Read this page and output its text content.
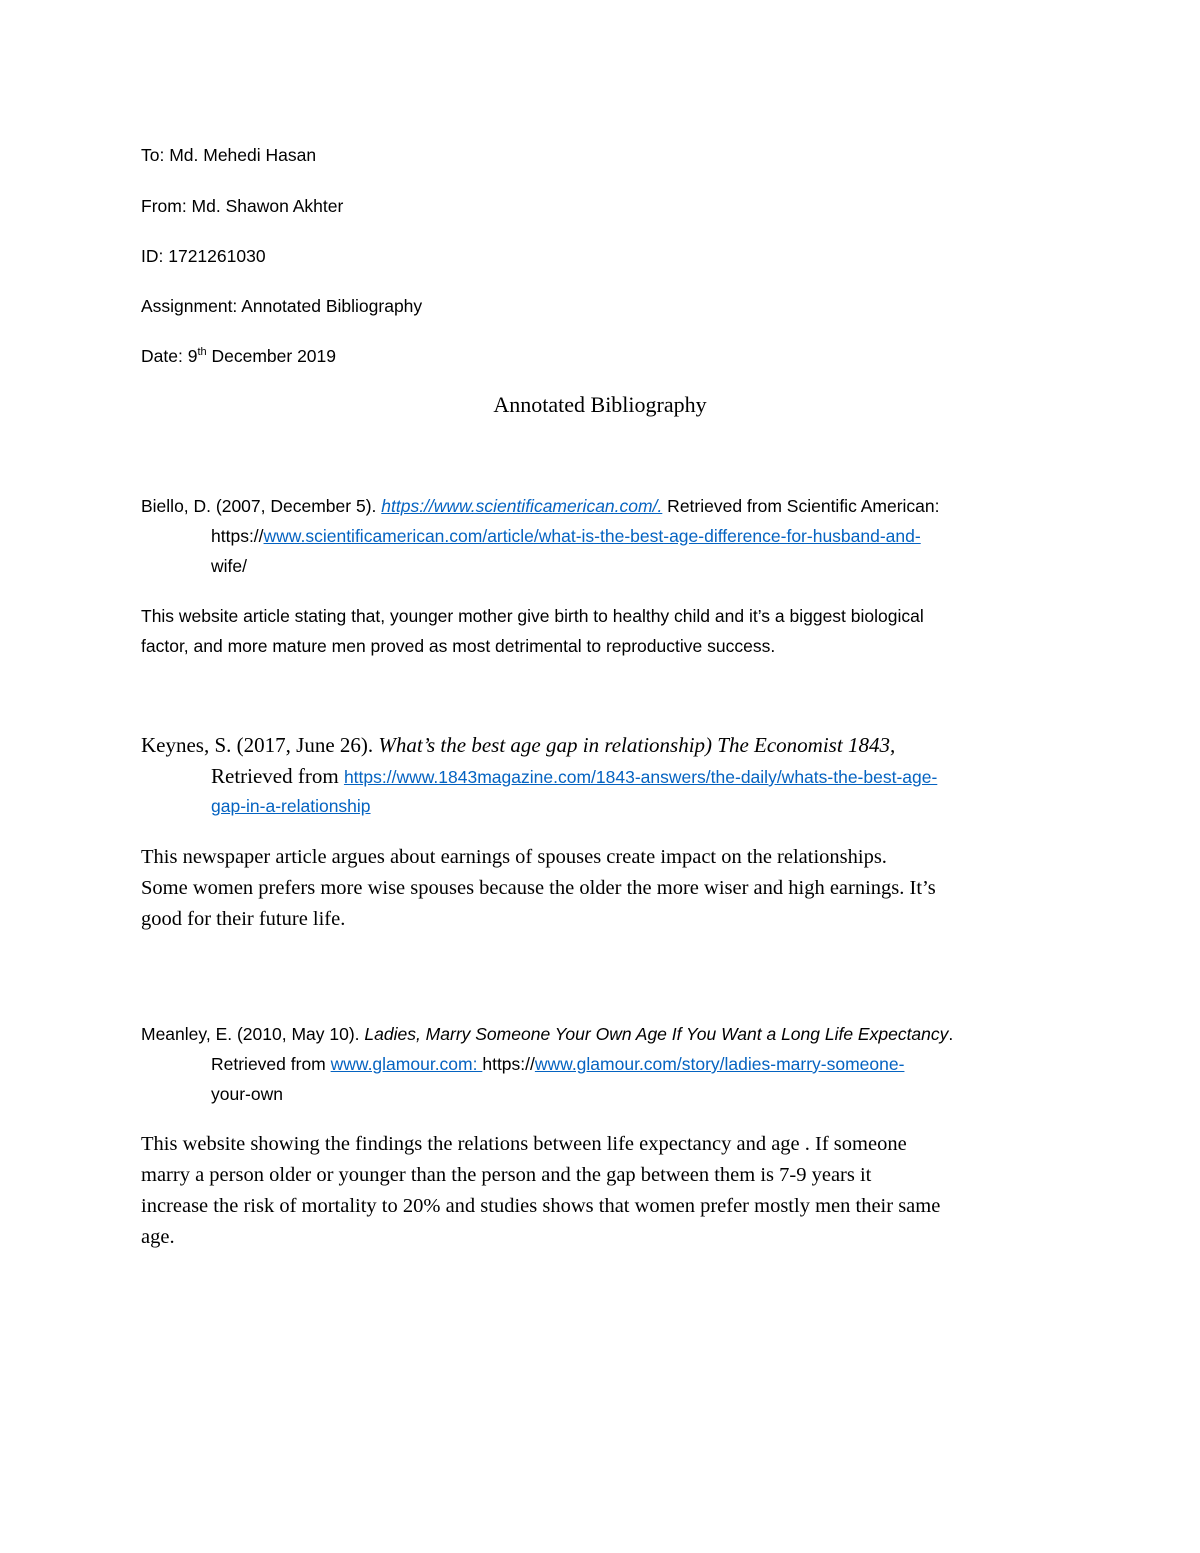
To: Md. Mehedi Hasan
From: Md. Shawon Akhter
ID: 1721261030
Assignment: Annotated Bibliography
Date: 9th December 2019
Annotated Bibliography
Biello, D. (2007, December 5). https://www.scientificamerican.com/. Retrieved from Scientific American:
https://www.scientificamerican.com/article/what-is-the-best-age-difference-for-husband-and-
wife/
This website article stating that, younger mother give birth to healthy child and it’s a biggest biological
factor, and more mature men proved as most detrimental to reproductive success.
Keynes, S. (2017, June 26). What’s the best age gap in relationship) The Economist 1843,
Retrieved from https://www.1843magazine.com/1843-answers/the-daily/whats-the-best-age-
gap-in-a-relationship
This newspaper article argues about earnings of spouses create impact on the relationships.
Some women prefers more wise spouses because the older the more wiser and high earnings. It’s
good for their future life.
Meanley, E. (2010, May 10). Ladies, Marry Someone Your Own Age If You Want a Long Life Expectancy.
Retrieved from www.glamour.com: https://www.glamour.com/story/ladies-marry-someone-
your-own
This website showing the findings the relations between life expectancy and age . If someone
marry a person older or younger than the person and the gap between them is 7-9 years it
increase the risk of mortality to 20% and studies shows that women prefer mostly men their same
age.
